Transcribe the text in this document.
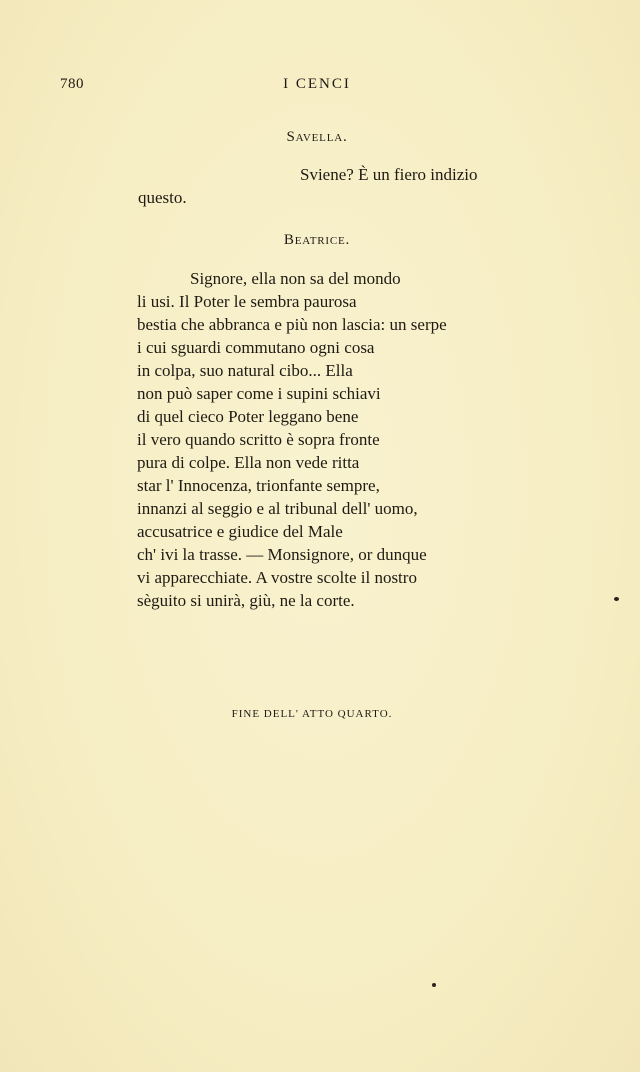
780	I CENCI
Savella.
Sviene? È un fiero indizio
questo.
Beatrice.
Signore, ella non sa del mondo
li usi. Il Poter le sembra paurosa
bestia che abbranca e più non lascia: un serpe
i cui sguardi commutano ogni cosa
in colpa, suo natural cibo... Ella
non può saper come i supini schiavi
di quel cieco Poter leggano bene
il vero quando scritto è sopra fronte
pura di colpe. Ella non vede ritta
star l' Innocenza, trionfante sempre,
innanzi al seggio e al tribunal dell' uomo,
accusatrice e giudice del Male
ch' ivi la trasse. — Monsignore, or dunque
vi apparecchiate. A vostre scolte il nostro
sèguito si unirà, giù, ne la corte.
FINE DELL' ATTO QUARTO.
